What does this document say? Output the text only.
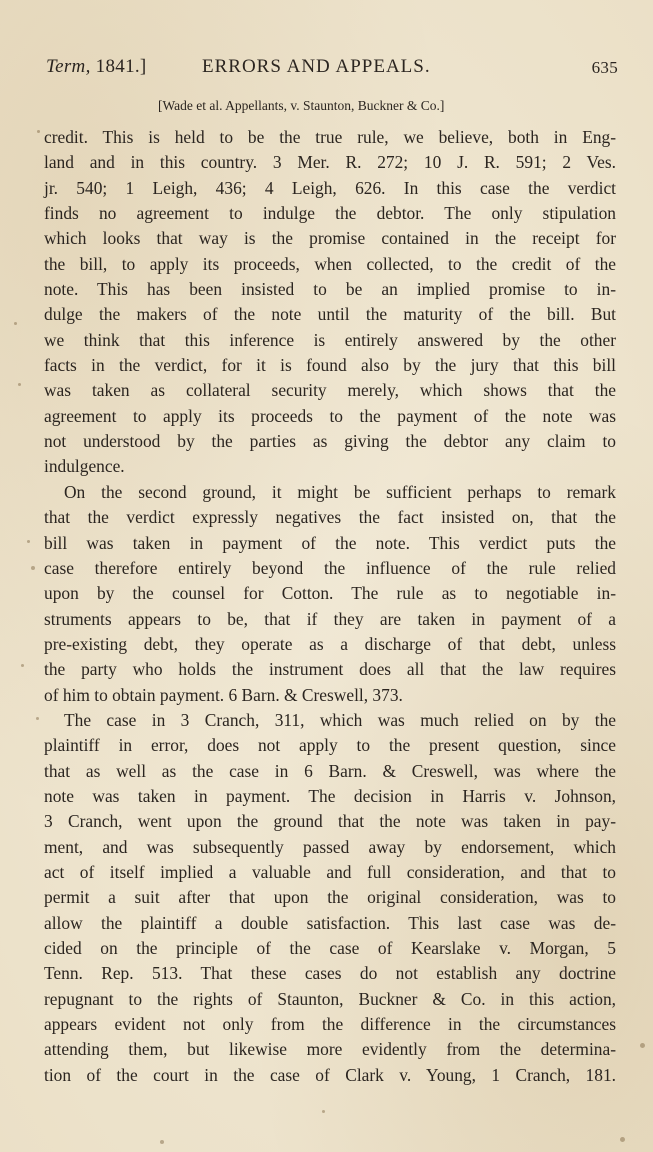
Term, 1841.]	ERRORS AND APPEALS.	635
[Wade et al. Appellants, v. Staunton, Buckner & Co.]
credit. This is held to be the true rule, we believe, both in Eng-
land and in this country. 3 Mer. R. 272; 10 J. R. 591; 2 Ves.
jr. 540; 1 Leigh, 436; 4 Leigh, 626. In this case the verdict
finds no agreement to indulge the debtor. The only stipulation
which looks that way is the promise contained in the receipt for
the bill, to apply its proceeds, when collected, to the credit of the
note. This has been insisted to be an implied promise to in-
dulge the makers of the note until the maturity of the bill. But
we think that this inference is entirely answered by the other
facts in the verdict, for it is found also by the jury that this bill
was taken as collateral security merely, which shows that the
agreement to apply its proceeds to the payment of the note was
not understood by the parties as giving the debtor any claim to
indulgence.
On the second ground, it might be sufficient perhaps to remark
that the verdict expressly negatives the fact insisted on, that the
bill was taken in payment of the note. This verdict puts the
case therefore entirely beyond the influence of the rule relied
upon by the counsel for Cotton. The rule as to negotiable in-
struments appears to be, that if they are taken in payment of a
pre-existing debt, they operate as a discharge of that debt, unless
the party who holds the instrument does all that the law requires
of him to obtain payment. 6 Barn. & Creswell, 373.
The case in 3 Cranch, 311, which was much relied on by the
plaintiff in error, does not apply to the present question, since
that as well as the case in 6 Barn. & Creswell, was where the
note was taken in payment. The decision in Harris v. Johnson,
3 Cranch, went upon the ground that the note was taken in pay-
ment, and was subsequently passed away by endorsement, which
act of itself implied a valuable and full consideration, and that to
permit a suit after that upon the original consideration, was to
allow the plaintiff a double satisfaction. This last case was de-
cided on the principle of the case of Kearslake v. Morgan, 5
Tenn. Rep. 513. That these cases do not establish any doctrine
repugnant to the rights of Staunton, Buckner & Co. in this action,
appears evident not only from the difference in the circumstances
attending them, but likewise more evidently from the determina-
tion of the court in the case of Clark v. Young, 1 Cranch, 181.
